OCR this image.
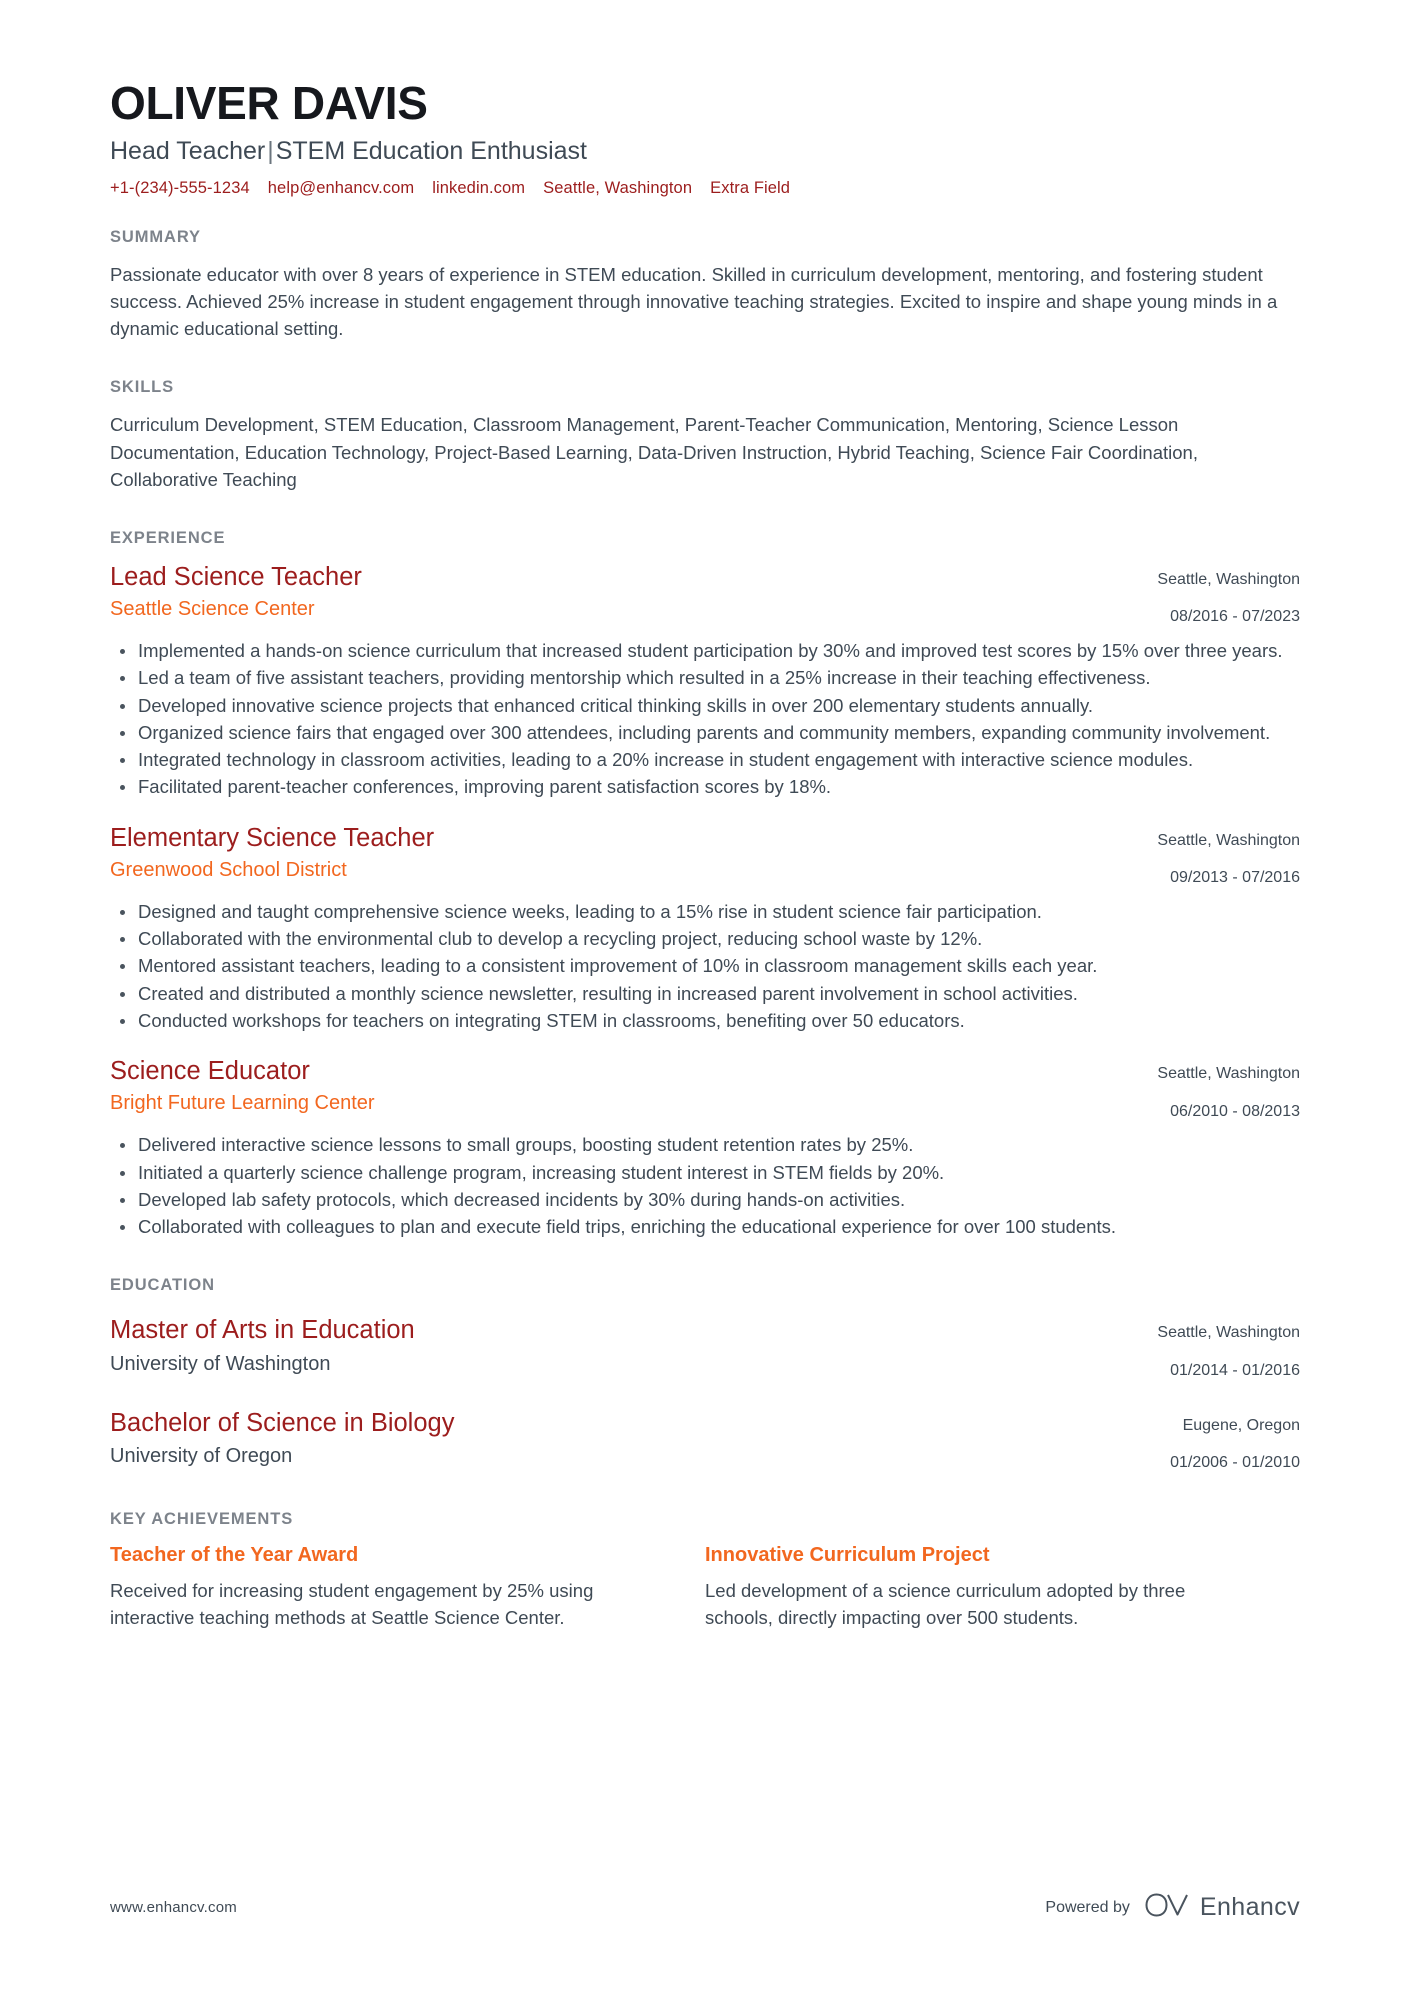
OLIVER DAVIS
Head Teacher|STEM Education Enthusiast
+1-(234)-555-1234 help@enhancv.com linkedin.com Seattle, Washington Extra Field
SUMMARY

Passionate educator with over 8 years of experience in STEM education. Skilled in curriculum development, mentoring, and fostering student success. Achieved 25% increase in student engagement through innovative teaching strategies. Excited to inspire and shape young minds in a dynamic educational setting.

SKILLS

Curriculum Development, STEM Education, Classroom Management, Parent-Teacher Communication, Mentoring, Science Lesson Documentation, Education Technology, Project-Based Learning, Data-Driven Instruction, Hybrid Teaching, Science Fair Coordination, Collaborative Teaching

EXPERIENCE
Lead Science Teacher
Seattle Science Center
Seattle, Washington
08/2016 - 07/2023
Implemented a hands-on science curriculum that increased student participation by 30% and improved test scores by 15% over three years.
Led a team of five assistant teachers, providing mentorship which resulted in a 25% increase in their teaching effectiveness.
Developed innovative science projects that enhanced critical thinking skills in over 200 elementary students annually.
Organized science fairs that engaged over 300 attendees, including parents and community members, expanding community involvement.
Integrated technology in classroom activities, leading to a 20% increase in student engagement with interactive science modules.
Facilitated parent-teacher conferences, improving parent satisfaction scores by 18%.
Elementary Science Teacher
Greenwood School District
Seattle, Washington
09/2013 - 07/2016
Designed and taught comprehensive science weeks, leading to a 15% rise in student science fair participation.
Collaborated with the environmental club to develop a recycling project, reducing school waste by 12%.
Mentored assistant teachers, leading to a consistent improvement of 10% in classroom management skills each year.
Created and distributed a monthly science newsletter, resulting in increased parent involvement in school activities.
Conducted workshops for teachers on integrating STEM in classrooms, benefiting over 50 educators.
Science Educator
Bright Future Learning Center
Seattle, Washington
06/2010 - 08/2013
Delivered interactive science lessons to small groups, boosting student retention rates by 25%.
Initiated a quarterly science challenge program, increasing student interest in STEM fields by 20%.
Developed lab safety protocols, which decreased incidents by 30% during hands-on activities.
Collaborated with colleagues to plan and execute field trips, enriching the educational experience for over 100 students.
EDUCATION
Master of Arts in Education
University of Washington
Seattle, Washington
01/2014 - 01/2016
Bachelor of Science in Biology
University of Oregon
Eugene, Oregon
01/2006 - 01/2010
KEY ACHIEVEMENTS
Teacher of the Year Award

Received for increasing student engagement by 25% using interactive teaching methods at Seattle Science Center.

Innovative Curriculum Project

Led development of a science curriculum adopted by three schools, directly impacting over 500 students.

www.enhancv.com	Powered by	Enhancv
